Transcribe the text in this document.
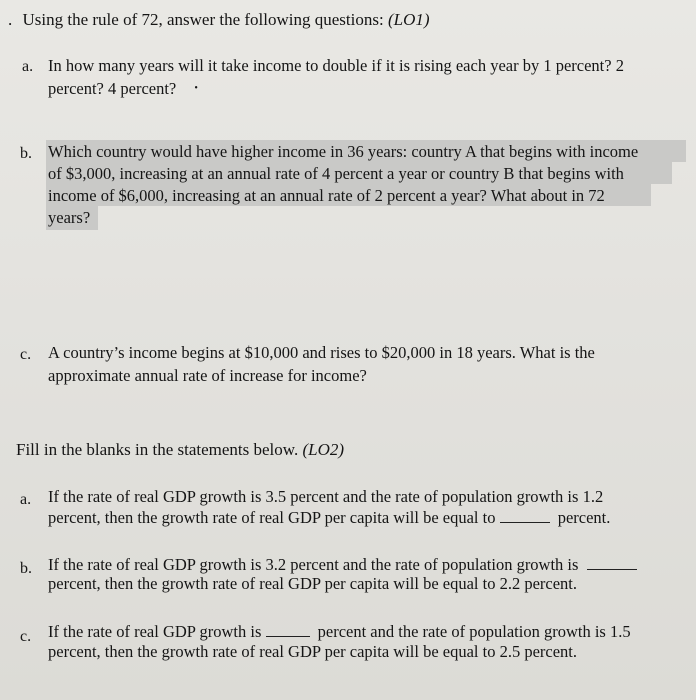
. Using the rule of 72, answer the following questions: (LO1)
a. In how many years will it take income to double if it is rising each year by 1 percent? 2
percent? 4 percent? •
b. Which country would have higher income in 36 years: country A that begins with income
of $3,000, increasing at an annual rate of 4 percent a year or country B that begins with
income of $6,000, increasing at an annual rate of 2 percent a year? What about in 72
years?
c. A country’s income begins at $10,000 and rises to $20,000 in 18 years. What is the
approximate annual rate of increase for income?
Fill in the blanks in the statements below. (LO2)
a. If the rate of real GDP growth is 3.5 percent and the rate of population growth is 1.2
percent, then the growth rate of real GDP per capita will be equal to	percent.
b. If the rate of real GDP growth is 3.2 percent and the rate of population growth is
percent, then the growth rate of real GDP per capita will be equal to 2.2 percent.
c. If the rate of real GDP growth is	percent and the rate of population growth is 1.5
percent, then the growth rate of real GDP per capita will be equal to 2.5 percent.
